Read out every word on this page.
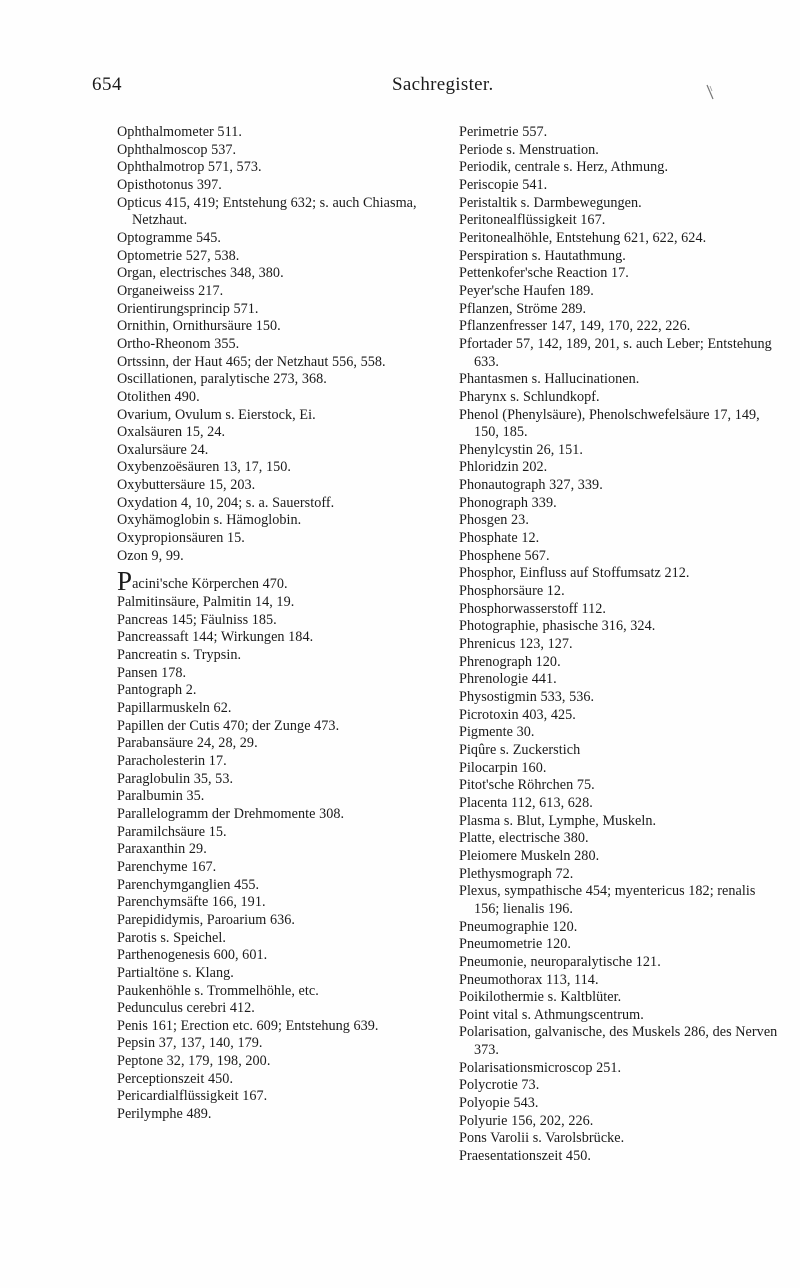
654	Sachregister.
Ophthalmometer 511.
Ophthalmoscop 537.
Ophthalmotrop 571, 573.
Opisthotonus 397.
Opticus 415, 419; Entstehung 632; s. auch Chiasma, Netzhaut.
Optogramme 545.
Optometrie 527, 538.
Organ, electrisches 348, 380.
Organeiweiss 217.
Orientirungsprincip 571.
Ornithin, Ornithursäure 150.
Ortho-Rheonom 355.
Ortssinn, der Haut 465; der Netzhaut 556, 558.
Oscillationen, paralytische 273, 368.
Otolithen 490.
Ovarium, Ovulum s. Eierstock, Ei.
Oxalsäuren 15, 24.
Oxalursäure 24.
Oxybenzoësäuren 13, 17, 150.
Oxybuttersäure 15, 203.
Oxydation 4, 10, 204; s. a. Sauerstoff.
Oxyhämoglobin s. Hämoglobin.
Oxypropionsäuren 15.
Ozon 9, 99.
Pacini'sche Körperchen 470.
Palmitinsäure, Palmitin 14, 19.
Pancreas 145; Fäulniss 185.
Pancreassaft 144; Wirkungen 184.
Pancreatin s. Trypsin.
Pansen 178.
Pantograph 2.
Papillarmuskeln 62.
Papillen der Cutis 470; der Zunge 473.
Parabansäure 24, 28, 29.
Paracholesterin 17.
Paraglobulin 35, 53.
Paralbumin 35.
Parallelogramm der Drehmomente 308.
Paramilchsäure 15.
Paraxanthin 29.
Parenchyme 167.
Parenchymganglien 455.
Parenchymsäfte 166, 191.
Parepididymis, Paroarium 636.
Parotis s. Speichel.
Parthenogenesis 600, 601.
Partialtöne s. Klang.
Paukenhöhle s. Trommelhöhle, etc.
Pedunculus cerebri 412.
Penis 161; Erection etc. 609; Entstehung 639.
Pepsin 37, 137, 140, 179.
Peptone 32, 179, 198, 200.
Perceptionszeit 450.
Pericardialflüssigkeit 167.
Perilymphe 489.
Perimetrie 557.
Periode s. Menstruation.
Periodik, centrale s. Herz, Athmung.
Periscopie 541.
Peristaltik s. Darmbewegungen.
Peritonealflüssigkeit 167.
Peritonealhöhle, Entstehung 621, 622, 624.
Perspiration s. Hautathmung.
Pettenkofer'sche Reaction 17.
Peyer'sche Haufen 189.
Pflanzen, Ströme 289.
Pflanzenfresser 147, 149, 170, 222, 226.
Pfortader 57, 142, 189, 201, s. auch Leber; Entstehung 633.
Phantasmen s. Hallucinationen.
Pharynx s. Schlundkopf.
Phenol (Phenylsäure), Phenolschwefelsäure 17, 149, 150, 185.
Phenylcystin 26, 151.
Phloridzin 202.
Phonautograph 327, 339.
Phonograph 339.
Phosgen 23.
Phosphate 12.
Phosphene 567.
Phosphor, Einfluss auf Stoffumsatz 212.
Phosphorsäure 12.
Phosphorwasserstoff 112.
Photographie, phasische 316, 324.
Phrenicus 123, 127.
Phrenograph 120.
Phrenologie 441.
Physostigmin 533, 536.
Picrotoxin 403, 425.
Pigmente 30.
Piqûre s. Zuckerstich
Pilocarpin 160.
Pitot'sche Röhrchen 75.
Placenta 112, 613, 628.
Plasma s. Blut, Lymphe, Muskeln.
Platte, electrische 380.
Pleiomere Muskeln 280.
Plethysmograph 72.
Plexus, sympathische 454; myentericus 182; renalis 156; lienalis 196.
Pneumographie 120.
Pneumometrie 120.
Pneumonie, neuroparalytische 121.
Pneumothorax 113, 114.
Poikilothermie s. Kaltblüter.
Point vital s. Athmungscentrum.
Polarisation, galvanische, des Muskels 286, des Nerven 373.
Polarisationsmicroscop 251.
Polycrotie 73.
Polyopie 543.
Polyurie 156, 202, 226.
Pons Varolii s. Varolsbrücke.
Praesentationszeit 450.
